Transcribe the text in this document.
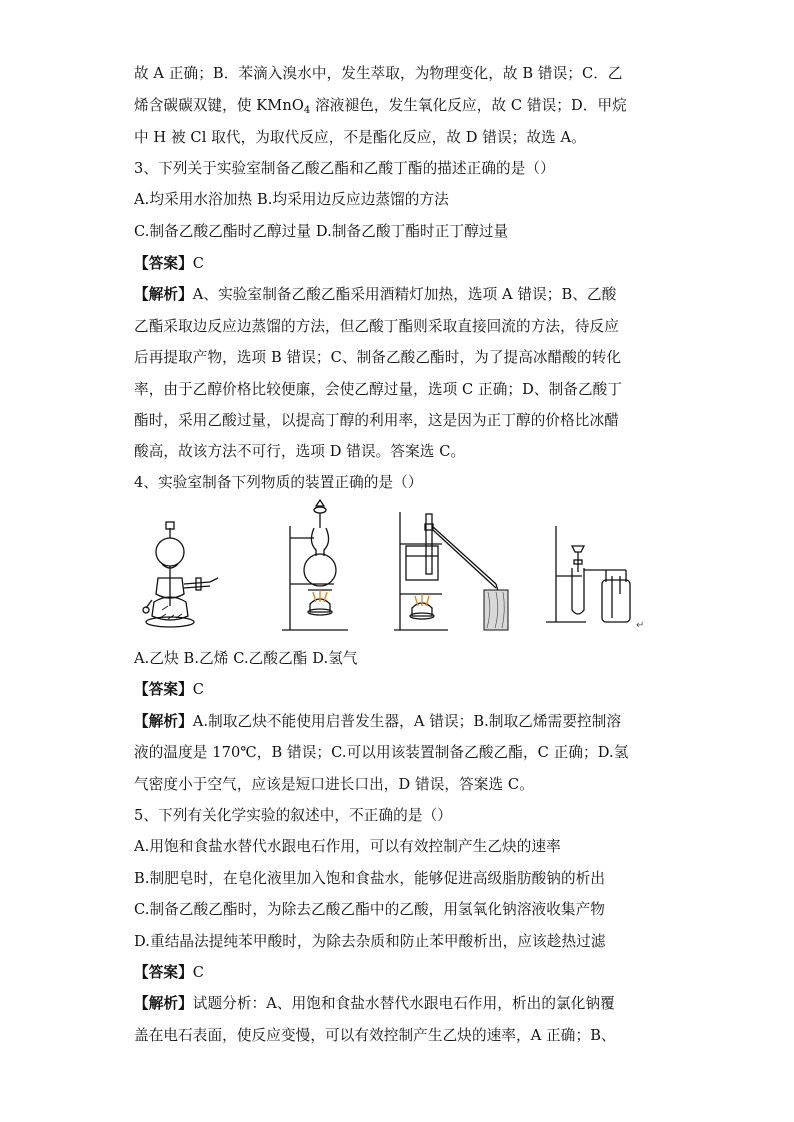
故 A 正确；B．苯滴入溴水中，发生萃取，为物理变化，故 B 错误；C．乙
烯含碳碳双键，使 KMnO$_4$ 溶液褪色，发生氧化反应，故 C 错误；D．甲烷
中 H 被 Cl 取代，为取代反应，不是酯化反应，故 D 错误；故选 A。
3、下列关于实验室制备乙酸乙酯和乙酸丁酯的描述正确的是（）
A.均采用水浴加热 B.均采用边反应边蒸馏的方法
C.制备乙酸乙酯时乙醇过量 D.制备乙酸丁酯时正丁醇过量
【答案】C
【解析】A、实验室制备乙酸乙酯采用酒精灯加热，选项 A 错误；B、乙酸
乙酯采取边反应边蒸馏的方法，但乙酸丁酯则采取直接回流的方法，待反应
后再提取产物，选项 B 错误；C、制备乙酸乙酯时，为了提高冰醋酸的转化
率，由于乙醇价格比较便廉，会使乙醇过量，选项 C 正确；D、制备乙酸丁
酯时，采用乙酸过量，以提高丁醇的利用率，这是因为正丁醇的价格比冰醋
酸高，故该方法不可行，选项 D 错误。答案选 C。
4、实验室制备下列物质的装置正确的是（）
↵
A.乙炔 B.乙烯 C.乙酸乙酯 D.氢气
【答案】C
【解析】A.制取乙炔不能使用启普发生器，A 错误；B.制取乙烯需要控制溶
液的温度是 170℃，B 错误；C.可以用该装置制备乙酸乙酯，C 正确；D.氢
气密度小于空气，应该是短口进长口出，D 错误，答案选 C。
5、下列有关化学实验的叙述中，不正确的是（）
A.用饱和食盐水替代水跟电石作用，可以有效控制产生乙炔的速率
B.制肥皂时，在皂化液里加入饱和食盐水，能够促进高级脂肪酸钠的析出
C.制备乙酸乙酯时，为除去乙酸乙酯中的乙酸，用氢氧化钠溶液收集产物
D.重结晶法提纯苯甲酸时，为除去杂质和防止苯甲酸析出，应该趁热过滤
【答案】C
【解析】试题分析：A、用饱和食盐水替代水跟电石作用，析出的氯化钠覆
盖在电石表面，使反应变慢，可以有效控制产生乙炔的速率，A 正确；B、
